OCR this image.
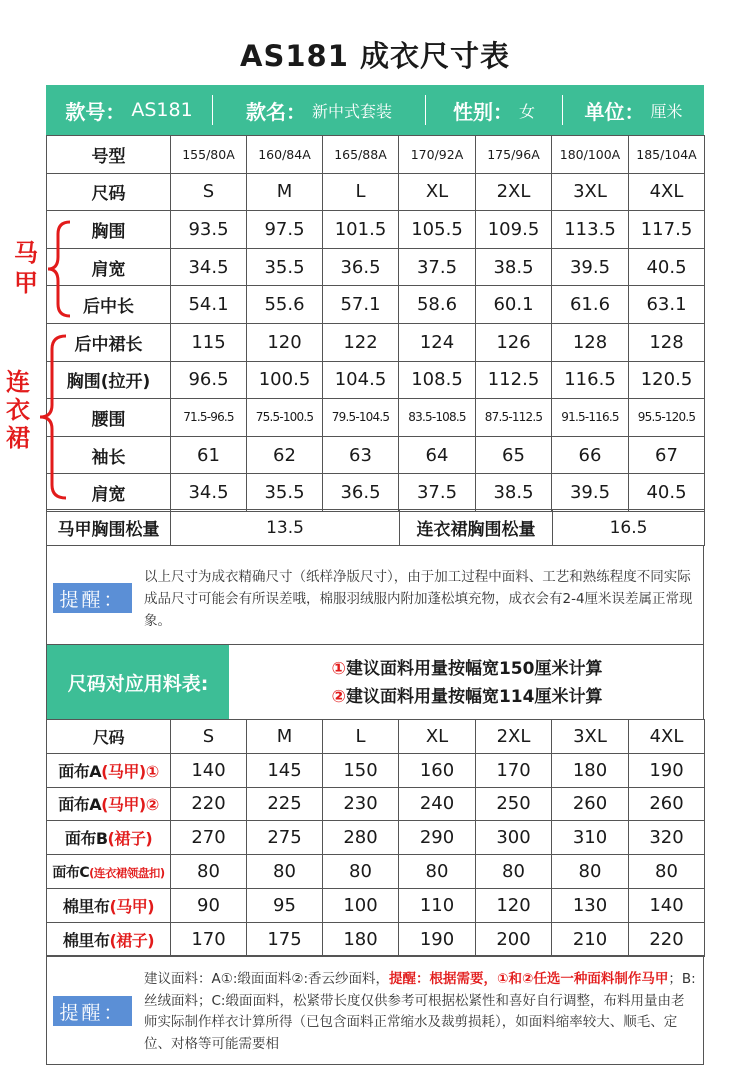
AS181 成衣尺寸表
款号： AS181	款名： 新中式套装	性别： 女 单位： 厘米
号型	155/80A	160/84A	165/88A	170/92A	175/96A	180/100A	185/104A
尺码	S	M	L	XL	2XL	3XL	4XL
胸围	93.5	97.5	101.5	105.5	109.5	113.5	117.5
肩宽	34.5	35.5	36.5	37.5	38.5	39.5	40.5
后中长	54.1	55.6	57.1	58.6	60.1	61.6	63.1
后中裙长	115	120	122	124	126	128	128
胸围(拉开)	96.5	100.5	104.5	108.5	112.5	116.5	120.5
腰围	71.5-96.5	75.5-100.5	79.5-104.5	83.5-108.5	87.5-112.5	91.5-116.5	95.5-120.5
袖长	61	62	63	64	65	66	67
肩宽	34.5	35.5	36.5	37.5	38.5	39.5	40.5
马甲
连衣裙
马甲胸围松量	13.5	连衣裙胸围松量	16.5
提醒：
以上尺寸为成衣精确尺寸（纸样净版尺寸），由于加工过程中面料、工艺和熟练程度不同实际成品尺寸可能会有所误差哦，棉服羽绒服内附加蓬松填充物，成衣会有2-4厘米误差属正常现象。
尺码对应用料表:
①建议面料用量按幅宽150厘米计算
②建议面料用量按幅宽114厘米计算
尺码	S	M	L	XL	2XL	3XL	4XL
面布A(马甲)①	140	145	150	160	170	180	190
面布A(马甲)②	220	225	230	240	250	260	260
面布B(裙子)	270	275	280	290	300	310	320
面布C(连衣裙领盘扣)	80	80	80	80	80	80	80
棉里布(马甲)	90	95	100	110	120	130	140
棉里布(裙子)	170	175	180	190	200	210	220
提醒：
建议面料：A①:缎面面料②:香云纱面料，提醒：根据需要，①和②任选一种面料制作马甲；B:丝绒面料；C:缎面面料，松紧带长度仅供参考可根据松紧性和喜好自行调整，布料用量由老师实际制作样衣计算所得（已包含面料正常缩水及裁剪损耗），如面料缩率较大、顺毛、定位、对格等可能需要相
